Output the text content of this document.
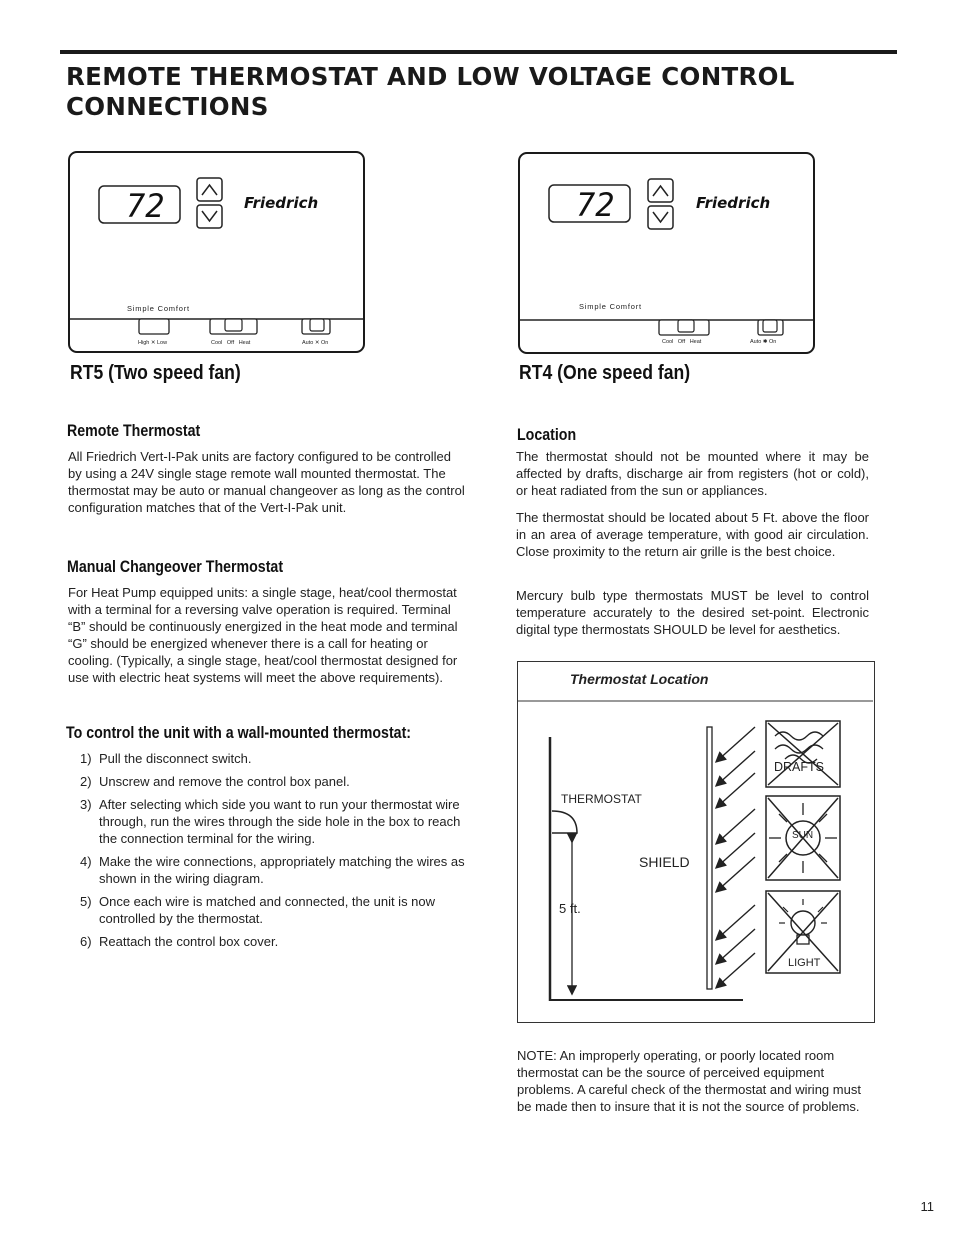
REMOTE THERMOSTAT AND LOW VOLTAGE CONTROL CONNECTIONS
72	Friedrich
Simple Comfort
High ✕ Low	Cool   Off   Heat	Auto ✕ On
RT5 (Two speed fan)
72	Friedrich
Simple Comfort
Cool   Off   Heat	Auto ✱ On
RT4 (One speed fan)
Remote Thermostat
All Friedrich Vert-I-Pak units are factory configured to be controlled by using a 24V single stage remote wall mounted thermostat. The thermostat may be auto or manual changeover as long as the control configuration matches that of the Vert-I-Pak unit.
Manual Changeover Thermostat
For Heat Pump equipped units: a single stage, heat/cool thermostat with a terminal for a reversing valve operation is required. Terminal “B” should be continuously energized in the heat mode and terminal “G” should be energized whenever there is a call for heating or cooling. (Typically, a single stage, heat/cool thermostat designed for use with electric heat systems will meet the above requirements).
To control the unit with a wall-mounted thermostat:
1) Pull the disconnect switch.
2) Unscrew and remove the control box panel.
3) After selecting which side you want to run your thermostat wire through, run the wires through the side hole in the box to reach the connection terminal for the wiring.
4) Make the wire connections, appropriately matching the wires as shown in the wiring diagram.
5) Once each wire is matched and connected, the unit is now controlled by the thermostat.
6) Reattach the control box cover.
Location
The thermostat should not be mounted where it may be affected by drafts, discharge air from registers (hot or cold), or heat radiated from the sun or appliances.
The thermostat should be located about 5 Ft. above the floor in an area of average temperature, with good air circulation. Close proximity to the return air grille is the best choice.
Mercury bulb type thermostats MUST be level to control temperature accurately to the desired set-point. Electronic digital type thermostats SHOULD be level for aesthetics.
Thermostat Location
THERMOSTAT
5 ft.
SHIELD
DRAFTS
SUN
LIGHT
NOTE: An improperly operating, or poorly located room thermostat can be the source of perceived equipment problems. A careful check of the thermostat and wiring must be made then to insure that it is not the source of problems.
11
